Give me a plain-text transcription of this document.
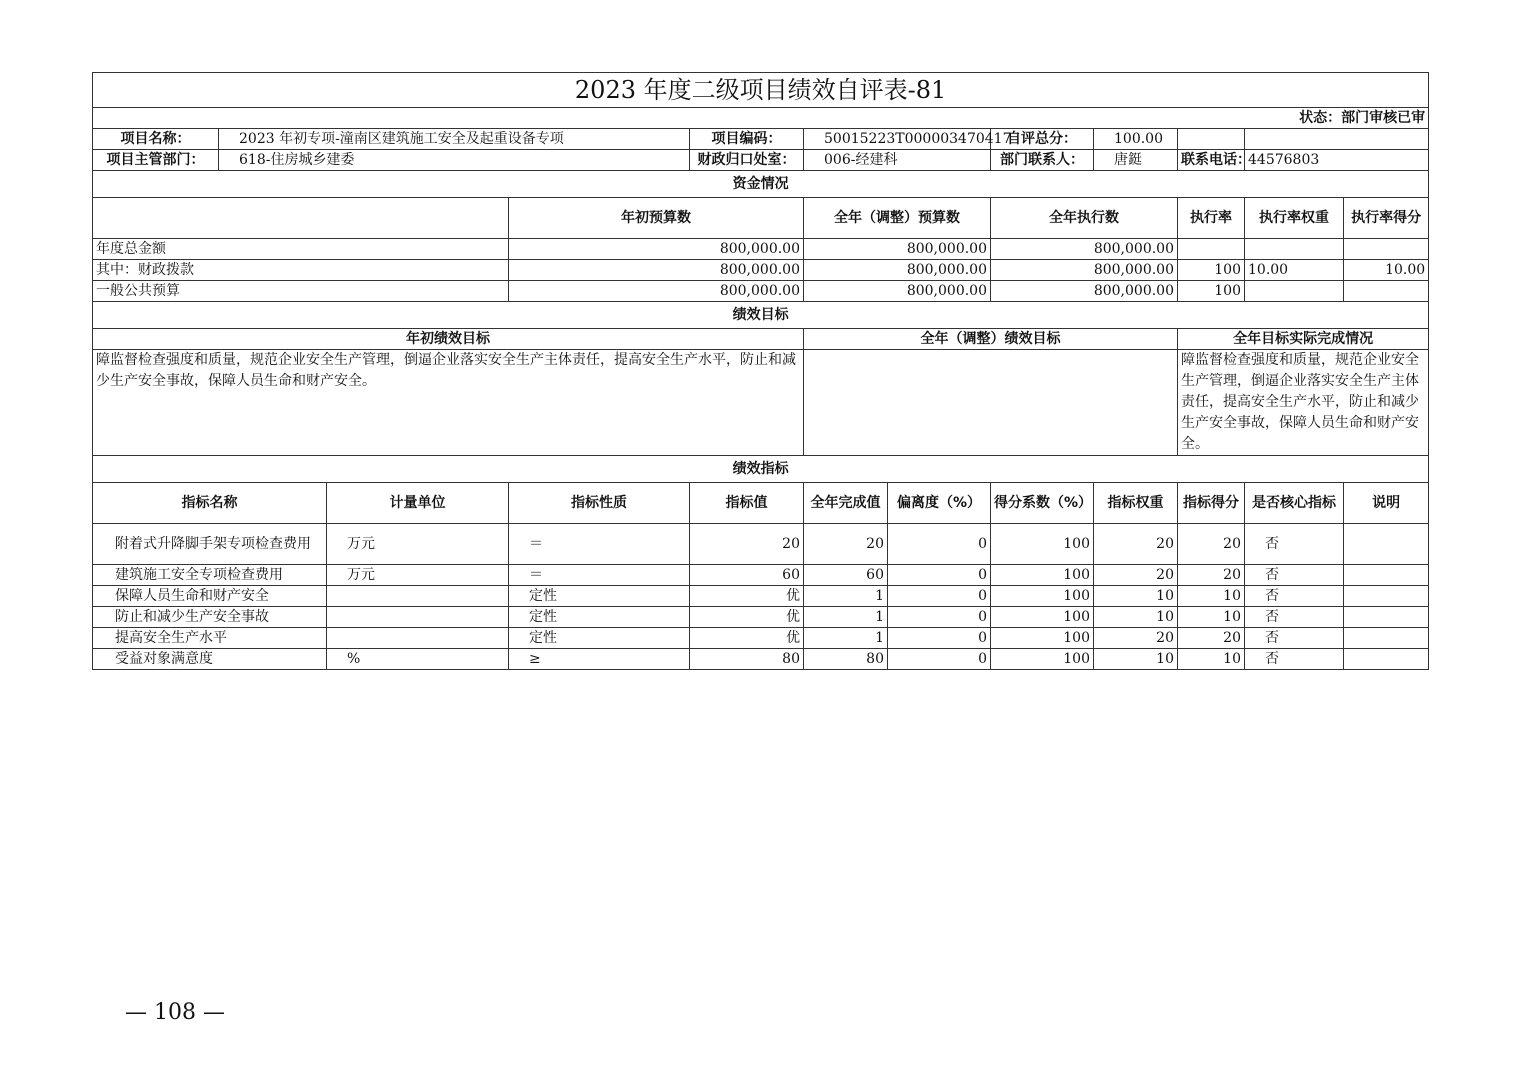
2023 年度二级项目绩效自评表-81											
状态：部门审核已审											
项目名称：	2023 年初专项-潼南区建筑施工安全及起重设备专项			项目编码：	50015223T000003470417		自评总分：	100.00			
项目主管部门：	618-住房城乡建委			财政归口处室：	006-经建科		部门联系人：	唐鋌	联系电话：	44576803	
资金情况											
			年初预算数		全年（调整）预算数		全年执行数		执行率	执行率权重	执行率得分
年度总金额			800,000.00		800,000.00		800,000.00				
其中：财政拨款			800,000.00		800,000.00		800,000.00		100	10.00	10.00
一般公共预算			800,000.00		800,000.00		800,000.00		100		
绩效目标											
年初绩效目标					全年（调整）绩效目标				全年目标实际完成情况		
障监督检查强度和质量，规范企业安全生产管理，倒逼企业落实安全生产主体责任，提高安全生产水平，防止和减少生产安全事故，保障人员生命和财产安全。									障监督检查强度和质量，规范企业安全生产管理，倒逼企业落实安全生产主体责任，提高安全生产水平，防止和减少生产安全事故，保障人员生命和财产安全。		
绩效指标											
指标名称		计量单位	指标性质	指标值	全年完成值	偏离度（%）	得分系数（%）	指标权重	指标得分	是否核心指标	说明
附着式升降脚手架专项检查费用		万元	＝	20	20	0	100	20	20	否	
建筑施工安全专项检查费用		万元	＝	60	60	0	100	20	20	否	
保障人员生命和财产安全			定性	优	1	0	100	10	10	否	
防止和减少生产安全事故			定性	优	1	0	100	10	10	否	
提高安全生产水平			定性	优	1	0	100	20	20	否	
受益对象满意度		%	≥	80	80	0	100	10	10	否	
— 108 —
